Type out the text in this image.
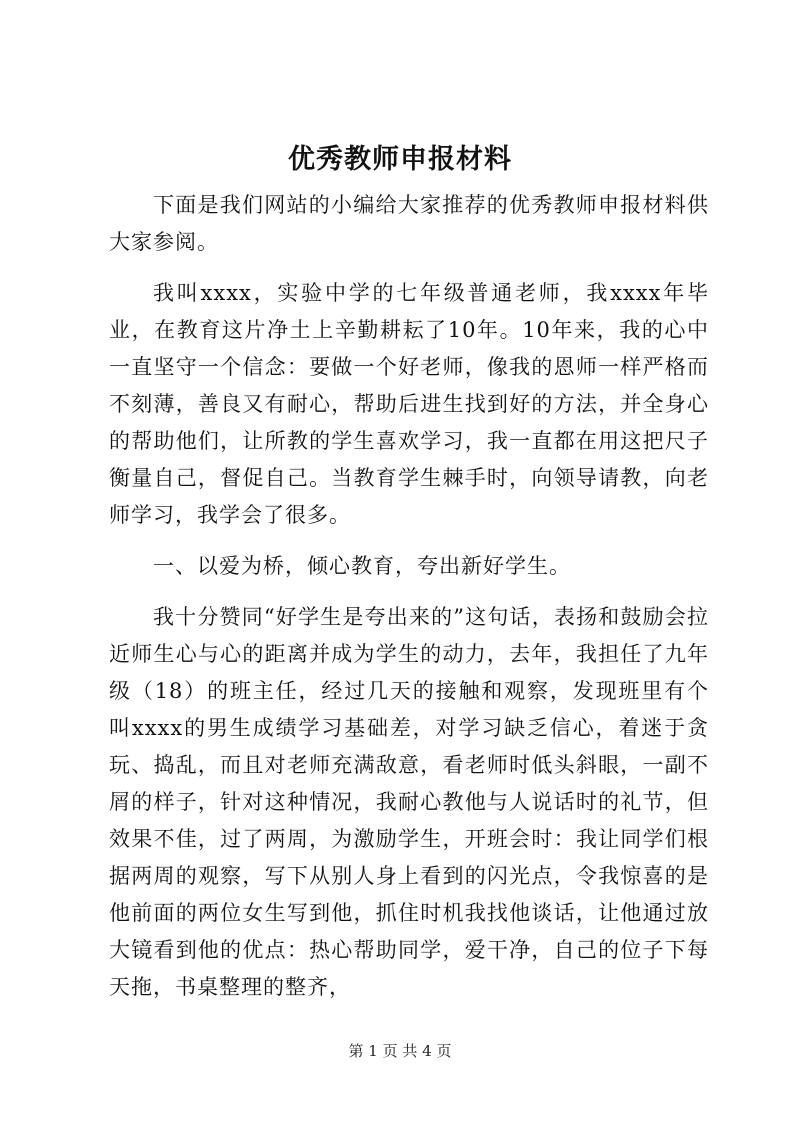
优秀教师申报材料

下面是我们网站的小编给大家推荐的优秀教师申报材料供大家参阅。

我叫xxxx，实验中学的七年级普通老师，我xxxx年毕业，在教育这片净土上辛勤耕耘了10年。10年来，我的心中一直坚守一个信念：要做一个好老师，像我的恩师一样严格而不刻薄，善良又有耐心，帮助后进生找到好的方法，并全身心的帮助他们，让所教的学生喜欢学习，我一直都在用这把尺子衡量自己，督促自己。当教育学生棘手时，向领导请教，向老师学习，我学会了很多。

一、以爱为桥，倾心教育，夸出新好学生。

我十分赞同“好学生是夸出来的”这句话，表扬和鼓励会拉近师生心与心的距离并成为学生的动力，去年，我担任了九年级（18）的班主任，经过几天的接触和观察，发现班里有个叫xxxx的男生成绩学习基础差，对学习缺乏信心，着迷于贪玩、捣乱，而且对老师充满敌意，看老师时低头斜眼，一副不屑的样子，针对这种情况，我耐心教他与人说话时的礼节，但效果不佳，过了两周，为激励学生，开班会时：我让同学们根据两周的观察，写下从别人身上看到的闪光点，令我惊喜的是他前面的两位女生写到他，抓住时机我找他谈话，让他通过放大镜看到他的优点：热心帮助同学，爱干净，自己的位子下每天拖，书桌整理的整齐，

第 1 页 共 4 页
